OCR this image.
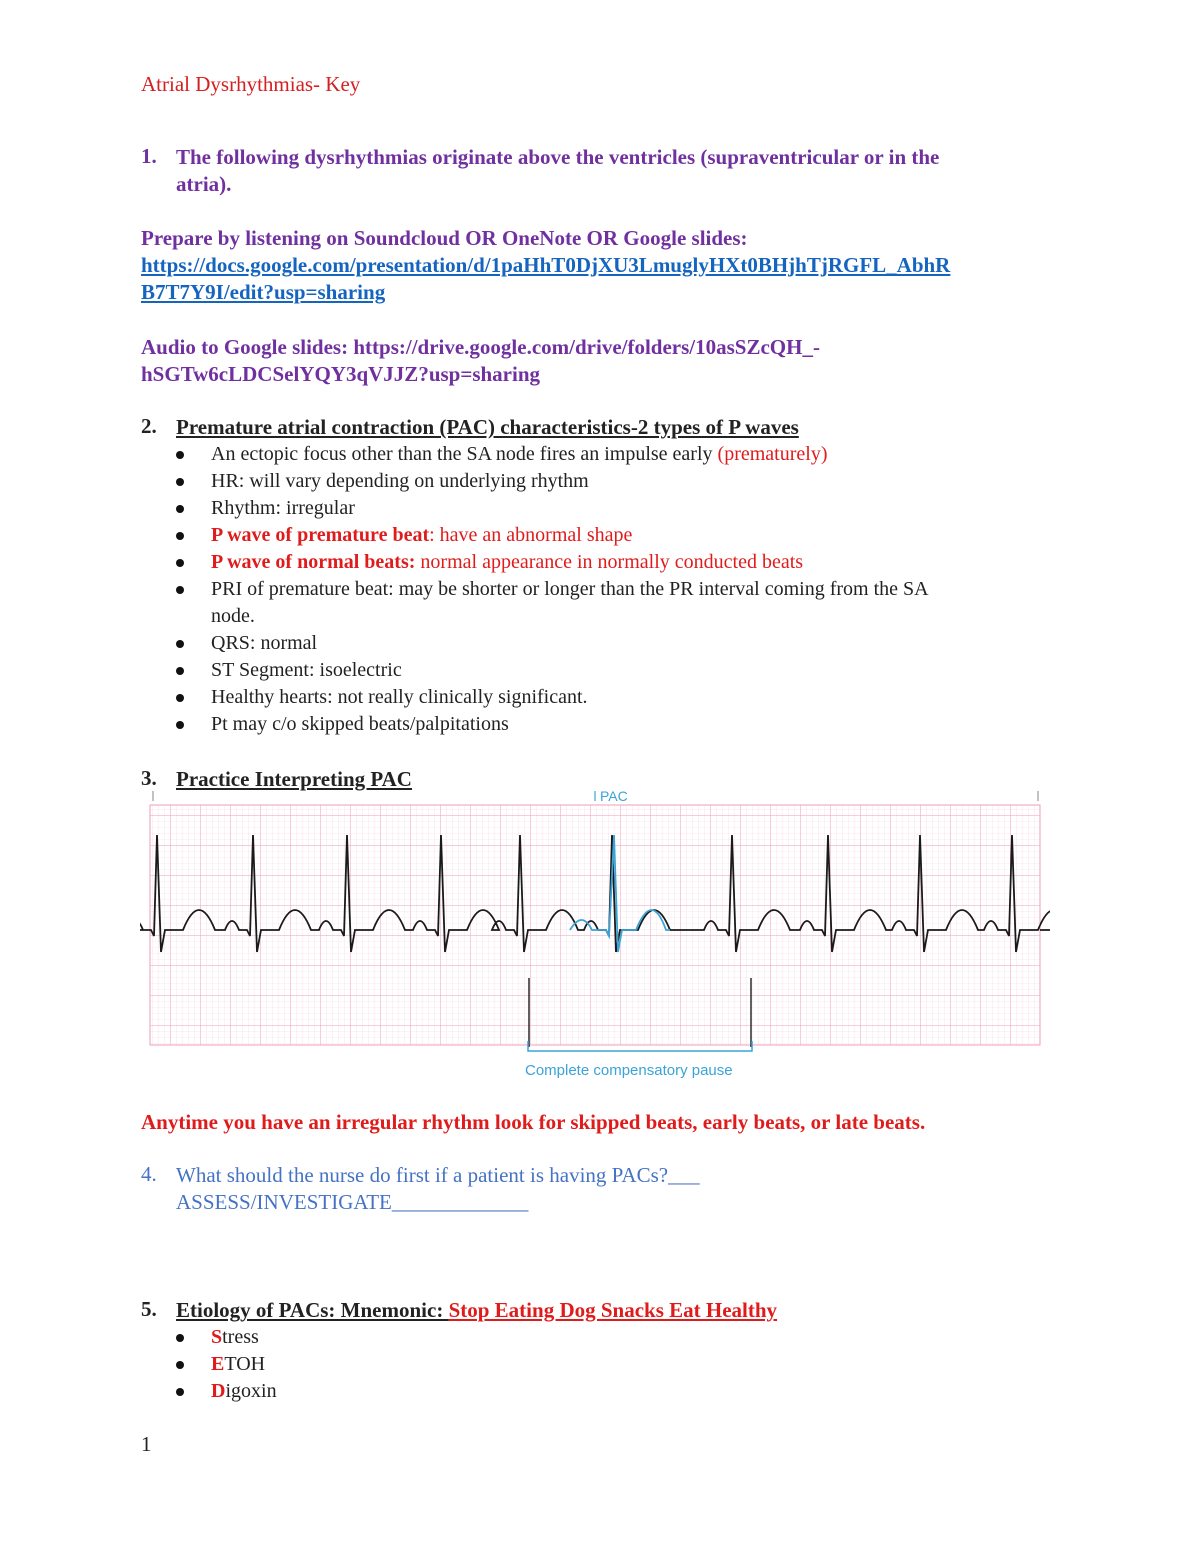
Atrial Dysrhythmias- Key
1. The following dysrhythmias originate above the ventricles (supraventricular or in the
atria).
Prepare by listening on Soundcloud OR OneNote OR Google slides:
https://docs.google.com/presentation/d/1paHhT0DjXU3LmuglyHXt0BHjhTjRGFL_AbhR
B7T7Y9I/edit?usp=sharing
Audio to Google slides: https://drive.google.com/drive/folders/10asSZcQH_-
hSGTw6cLDCSelYQY3qVJJZ?usp=sharing
2. Premature atrial contraction (PAC) characteristics-2 types of P waves
An ectopic focus other than the SA node fires an impulse early (prematurely)
HR: will vary depending on underlying rhythm
Rhythm: irregular
P wave of premature beat: have an abnormal shape
P wave of normal beats: normal appearance in normally conducted beats
PRI of premature beat: may be shorter or longer than the PR interval coming from the SA
node.
QRS: normal
ST Segment: isoelectric
Healthy hearts: not really clinically significant.
Pt may c/o skipped beats/palpitations
3. Practice Interpreting PAC
PAC
Complete compensatory pause
Anytime you have an irregular rhythm look for skipped beats, early beats, or late beats.
4. What should the nurse do first if a patient is having PACs?___
ASSESS/INVESTIGATE_____________
5. Etiology of PACs: Mnemonic: Stop Eating Dog Snacks Eat Healthy
Stress
ETOH
Digoxin
1
